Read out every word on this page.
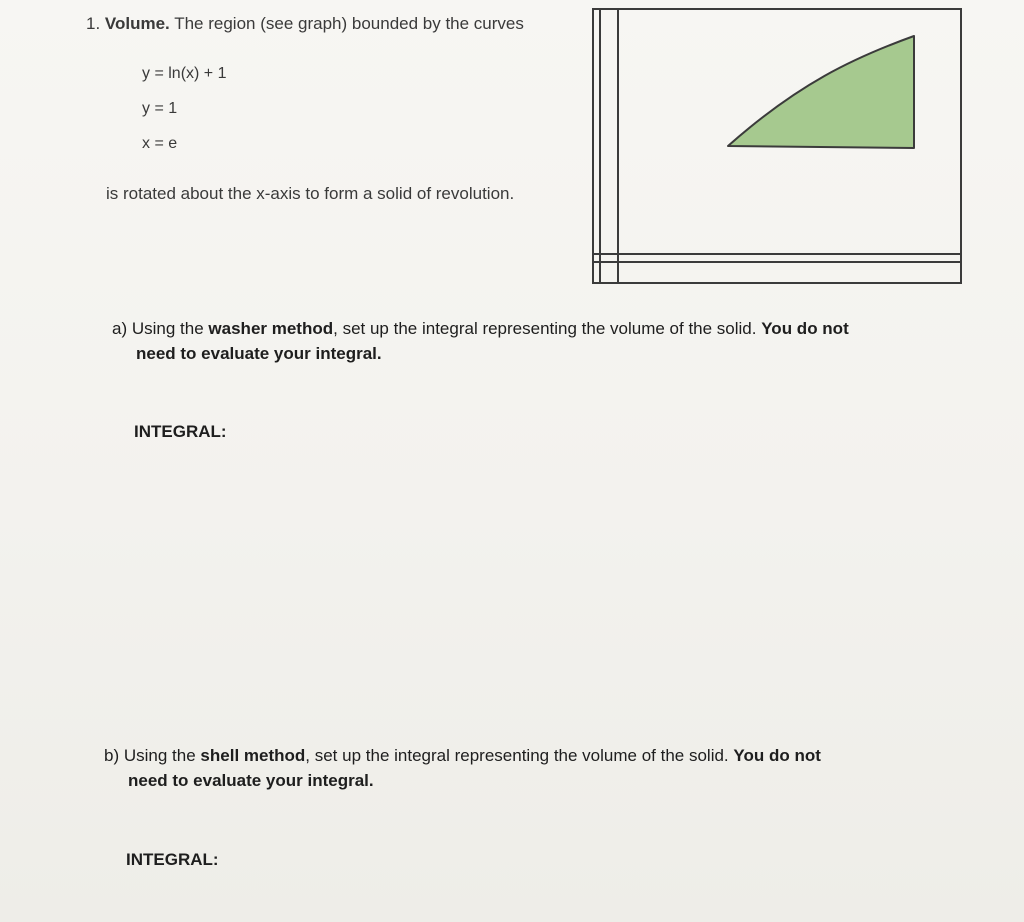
1. Volume. The region (see graph) bounded by the curves
y = ln(x) + 1
y = 1
x = e
is rotated about the x-axis to form a solid of revolution.
a) Using the washer method, set up the integral representing the volume of the solid. You do not
need to evaluate your integral.
INTEGRAL:
b) Using the shell method, set up the integral representing the volume of the solid. You do not
need to evaluate your integral.
INTEGRAL:
